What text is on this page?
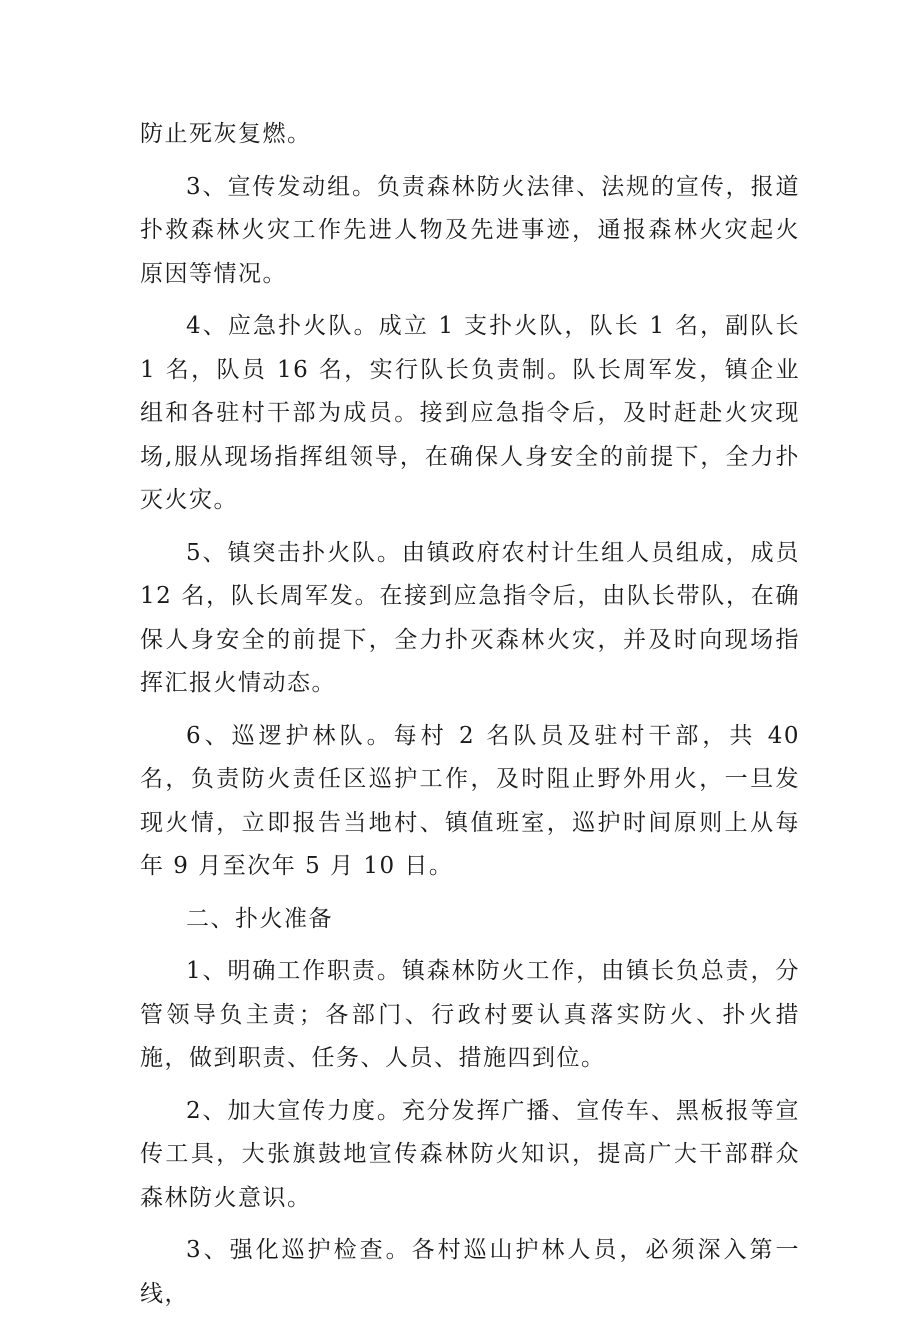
防止死灰复燃。

3、宣传发动组。负责森林防火法律、法规的宣传，报道扑救森林火灾工作先进人物及先进事迹，通报森林火灾起火原因等情况。

4、应急扑火队。成立 1 支扑火队，队长 1 名，副队长 1 名，队员 16 名，实行队长负责制。队长周军发，镇企业组和各驻村干部为成员。接到应急指令后，及时赶赴火灾现场,服从现场指挥组领导，在确保人身安全的前提下，全力扑灭火灾。

5、镇突击扑火队。由镇政府农村计生组人员组成，成员 12 名，队长周军发。在接到应急指令后，由队长带队，在确保人身安全的前提下，全力扑灭森林火灾，并及时向现场指挥汇报火情动态。

6、巡逻护林队。每村 2 名队员及驻村干部，共 40 名，负责防火责任区巡护工作，及时阻止野外用火，一旦发现火情，立即报告当地村、镇值班室，巡护时间原则上从每年 9 月至次年 5 月 10 日。

二、扑火准备

1、明确工作职责。镇森林防火工作，由镇长负总责，分管领导负主责；各部门、行政村要认真落实防火、扑火措施，做到职责、任务、人员、措施四到位。

2、加大宣传力度。充分发挥广播、宣传车、黑板报等宣传工具，大张旗鼓地宣传森林防火知识，提高广大干部群众森林防火意识。

3、强化巡护检查。各村巡山护林人员，必须深入第一线，
